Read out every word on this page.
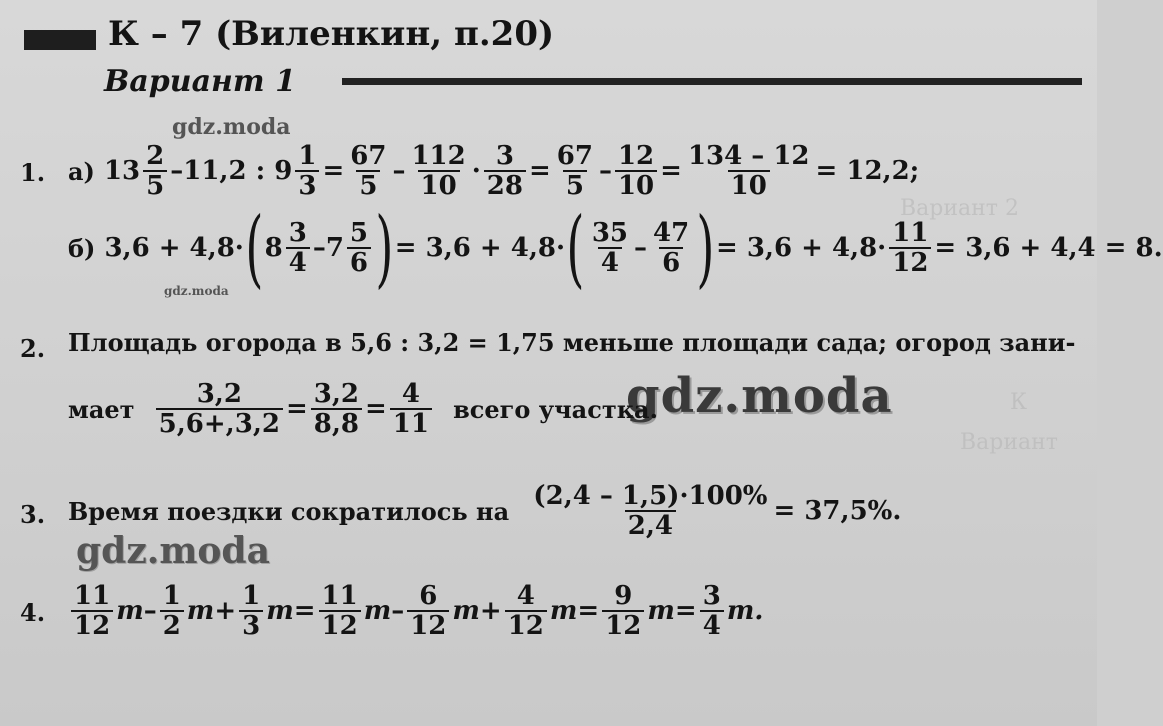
Вариант 2
К
Вариант
К – 7 (Виленкин, п.20)
Вариант 1
gdz.moda
gdz.moda
gdz.moda
gdz.moda
1. а)
$13 \frac{2}{5} -11,2$ : $9 \frac{1}{3} = \frac{67}{5} - \frac{112}{10} \cdot \frac{3}{28} = \frac{67}{5} - \frac{12}{10} = \frac{134 - 12}{10} = 12,2$;
б)
3,6 + 4,8· ( $8 \frac{3}{4} - 7 \frac{5}{6}$ ) = 3,6 + 4,8· ( $\frac{35}{4} - \frac{47}{6}$ ) = $3,6 + 4,8\cdot \frac{11}{12} = 3,6 + 4,4 = 8$.
2. Площадь огорода в 5,6 : 3,2 = 1,75 меньше площади сада; огород зани-
мает
$\frac{3,2}{5,6+,3,2} = \frac{3,2}{8,8} = \frac{4}{11}$
всего участка.
3. Время поездки сократилось на
$\frac{(2,4 - 1,5)\cdot 100\%}{2,4} = 37,5\%$.
4. $\frac{11}{12}$ m – $\frac{1}{2}$ $m + \frac{1}{3}$ $m = \frac{11}{12}$ m – $\frac{6}{12}$ $m + \frac{4}{12}$ $m = \frac{9}{12}$ $m = \frac{3}{4} m$.
